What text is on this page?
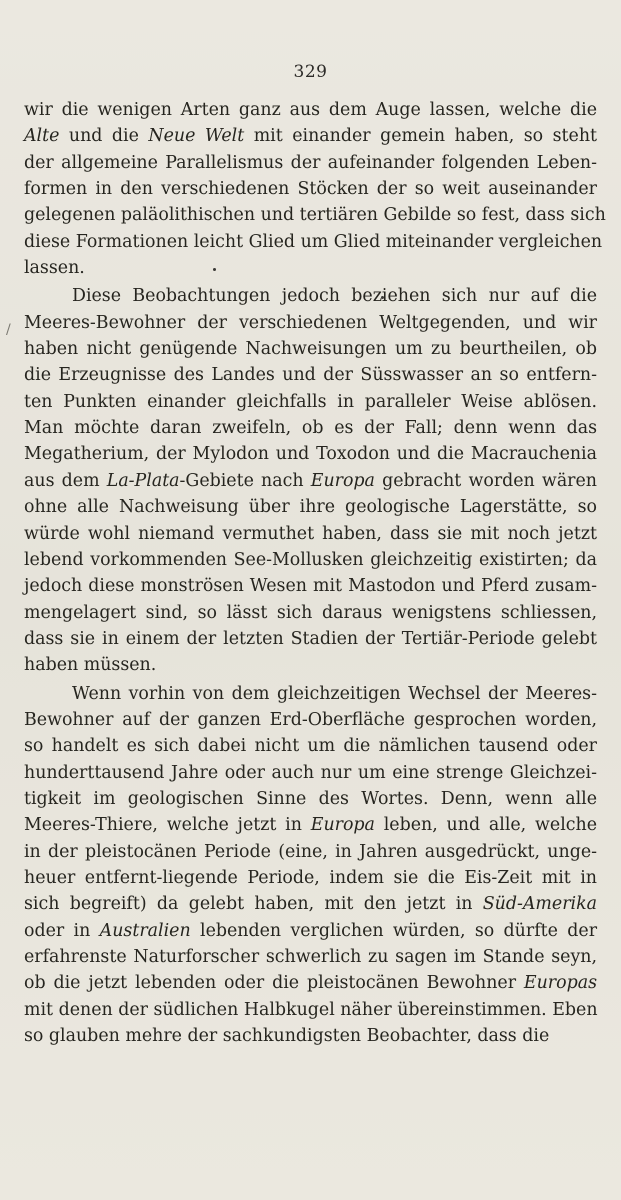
329
/
wir die wenigen Arten ganz aus dem Auge lassen, welche die
Alte und die Neue Welt mit einander gemein haben, so steht
der allgemeine Parallelismus der aufeinander folgenden Leben-
formen in den verschiedenen Stöcken der so weit auseinander
gelegenen paläolithischen und tertiären Gebilde so fest, dass sich
diese Formationen leicht Glied um Glied miteinander vergleichen
lassen.
Diese Beobachtungen jedoch beziehen sich nur auf die
Meeres-Bewohner der verschiedenen Weltgegenden, und wir
haben nicht genügende Nachweisungen um zu beurtheilen, ob
die Erzeugnisse des Landes und der Süsswasser an so entfern-
ten Punkten einander gleichfalls in paralleler Weise ablösen.
Man möchte daran zweifeln, ob es der Fall; denn wenn das
Megatherium, der Mylodon und Toxodon und die Macrauchenia
aus dem La-Plata-Gebiete nach Europa gebracht worden wären
ohne alle Nachweisung über ihre geologische Lagerstätte, so
würde wohl niemand vermuthet haben, dass sie mit noch jetzt
lebend vorkommenden See-Mollusken gleichzeitig existirten; da
jedoch diese monströsen Wesen mit Mastodon und Pferd zusam-
mengelagert sind, so lässt sich daraus wenigstens schliessen,
dass sie in einem der letzten Stadien der Tertiär-Periode gelebt
haben müssen.
Wenn vorhin von dem gleichzeitigen Wechsel der Meeres-
Bewohner auf der ganzen Erd-Oberfläche gesprochen worden,
so handelt es sich dabei nicht um die nämlichen tausend oder
hunderttausend Jahre oder auch nur um eine strenge Gleichzei-
tigkeit im geologischen Sinne des Wortes. Denn, wenn alle
Meeres-Thiere, welche jetzt in Europa leben, und alle, welche
in der pleistocänen Periode (eine, in Jahren ausgedrückt, unge-
heuer entfernt-liegende Periode, indem sie die Eis-Zeit mit in
sich begreift) da gelebt haben, mit den jetzt in Süd-Amerika
oder in Australien lebenden verglichen würden, so dürfte der
erfahrenste Naturforscher schwerlich zu sagen im Stande seyn,
ob die jetzt lebenden oder die pleistocänen Bewohner Europas
mit denen der südlichen Halbkugel näher übereinstimmen. Eben
so glauben mehre der sachkundigsten Beobachter, dass die
